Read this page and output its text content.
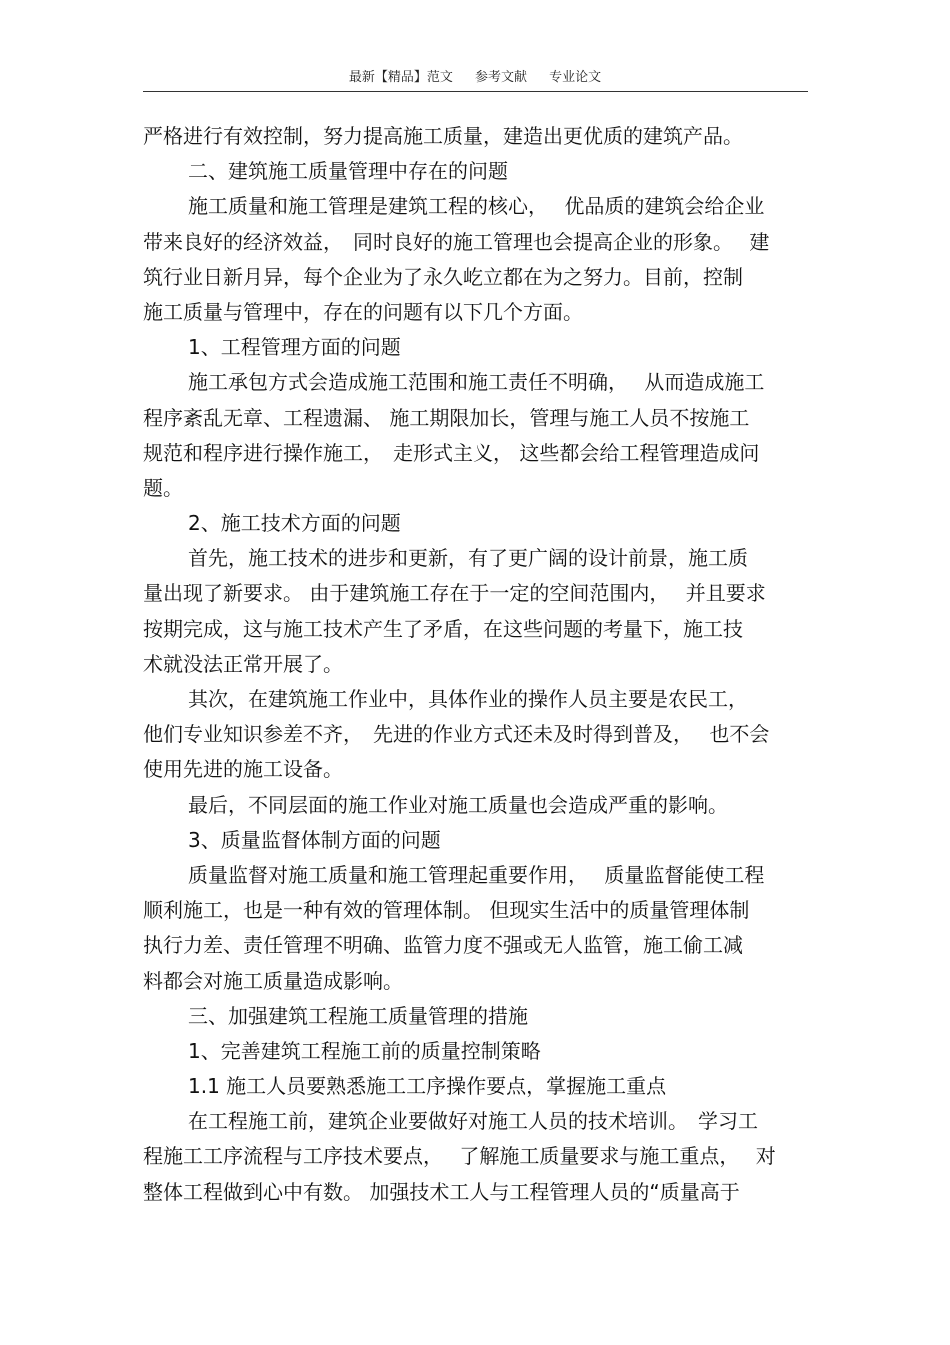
最新【精品】范文 参考文献 专业论文
严格进行有效控制，努力提高施工质量，建造出更优质的建筑产品。
二、建筑施工质量管理中存在的问题
施工质量和施工管理是建筑工程的核心，　 优品质的建筑会给企业
带来良好的经济效益，　同时良好的施工管理也会提高企业的形象。　 建
筑行业日新月异，每个企业为了永久屹立都在为之努力。目前，控制
施工质量与管理中，存在的问题有以下几个方面。
1、工程管理方面的问题
施工承包方式会造成施工范围和施工责任不明确，　 从而造成施工
程序紊乱无章、工程遗漏、 施工期限加长，管理与施工人员不按施工
规范和程序进行操作施工，　走形式主义， 这些都会给工程管理造成问
题。
2、施工技术方面的问题
首先，施工技术的进步和更新，有了更广阔的设计前景，施工质
量出现了新要求。 由于建筑施工存在于一定的空间范围内，　 并且要求
按期完成，这与施工技术产生了矛盾，在这些问题的考量下，施工技
术就没法正常开展了。
其次，在建筑施工作业中，具体作业的操作人员主要是农民工，
他们专业知识参差不齐，　先进的作业方式还未及时得到普及，　 也不会
使用先进的施工设备。
最后，不同层面的施工作业对施工质量也会造成严重的影响。
3、质量监督体制方面的问题
质量监督对施工质量和施工管理起重要作用，　 质量监督能使工程
顺利施工，也是一种有效的管理体制。 但现实生活中的质量管理体制
执行力差、责任管理不明确、监管力度不强或无人监管，施工偷工减
料都会对施工质量造成影响。
三、加强建筑工程施工质量管理的措施
1、完善建筑工程施工前的质量控制策略
1.1 施工人员要熟悉施工工序操作要点，掌握施工重点
在工程施工前，建筑企业要做好对施工人员的技术培训。　学习工
程施工工序流程与工序技术要点，　 了解施工质量要求与施工重点，　 对
整体工程做到心中有数。 加强技术工人与工程管理人员的“质量高于
